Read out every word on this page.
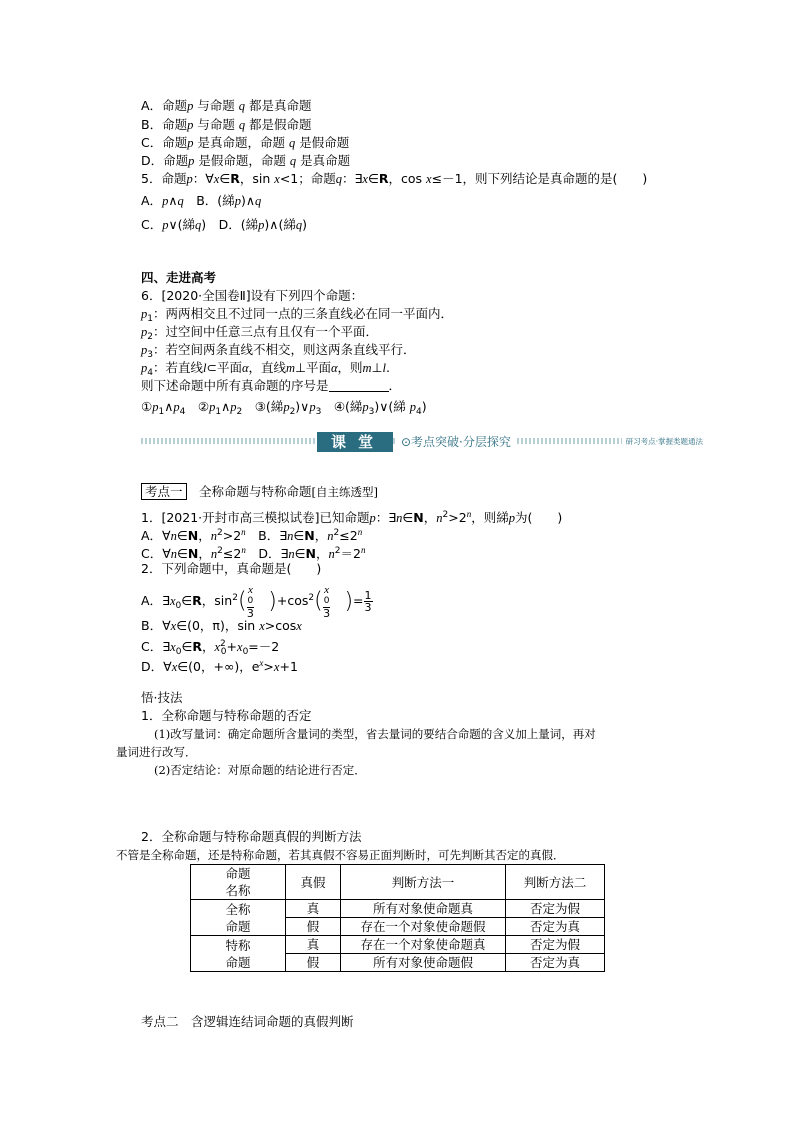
A．命题p 与命题 q 都是真命题
B．命题p 与命题 q 都是假命题
C．命题p 是真命题，命题 q 是假命题
D．命题p 是假命题，命题 q 是真命题
5．命题p：∀x∈R，sin x<1；命题q：∃x∈R，cos x≤－1，则下列结论是真命题的是(　　)
A．p∧q　 B．(綈p)∧q
C．p∨(綈q)　D．(綈p)∧(綈q)
四、走进高考
6．[2020·全国卷Ⅱ]设有下列四个命题：
$p_1$：两两相交且不过同一点的三条直线必在同一平面内．
$p_2$：过空间中任意三点有且仅有一个平面．
$p_3$：若空间两条直线不相交，则这两条直线平行．
$p_4$：若直线l⊂平面α，直线m⊥平面α，则m⊥l.
则下述命题中所有真命题的序号是	．
$①p_1\wedge p_4$　 $②p_1\wedge p_2$　 ③(綈$p_2)\vee p_3$　 ④(綈$p_3)\vee$(綈 $p_4$)
课堂	⊙考点突破·分层探究	研习考点·掌握类题通法
考点一　 全称命题与特称命题[自主练透型]
1．[2021·开封市高三模拟试卷]已知命题p：∃n∈N，$n^2>2^n$，则綈p为(　　)
A．∀n∈N，$n^2>2^n$　 B．∃n∈N，$n^2\le 2^n$
C．∀n∈N，$n^2\le 2^n$　 D．∃n∈N，$n^2=2^n$
2．下列命题中，真命题是(　　)
A．$\exists x_0\in R$，$\sin^2$( x
0
3 )$+\cos^2$( x
0
3 )= $\frac{1}{3}$
B．∀x∈(0，π)，sin x>cosx
C．$\exists x_0\in R$，$x^2_0+x_0=-2$
D．∀x∈(0，+∞)，$e^x>x+1$
悟·技法
1．全称命题与特称命题的否定
(1)改写量词：确定命题所含量词的类型，省去量词的要结合命题的含义加上量词，再对
量词进行改写．
(2)否定结论：对原命题的结论进行否定．
2．全称命题与特称命题真假的判断方法
不管是全称命题，还是特称命题，若其真假不容易正面判断时，可先判断其否定的真假．
命题
名称	真假	判断方法一	判断方法二
全称
命题	真	所有对象使命题真	否定为假
	假	存在一个对象使命题假	否定为真
特称
命题	真	存在一个对象使命题真	否定为假
	假	所有对象使命题假	否定为真
考点二　含逻辑连结词命题的真假判断
